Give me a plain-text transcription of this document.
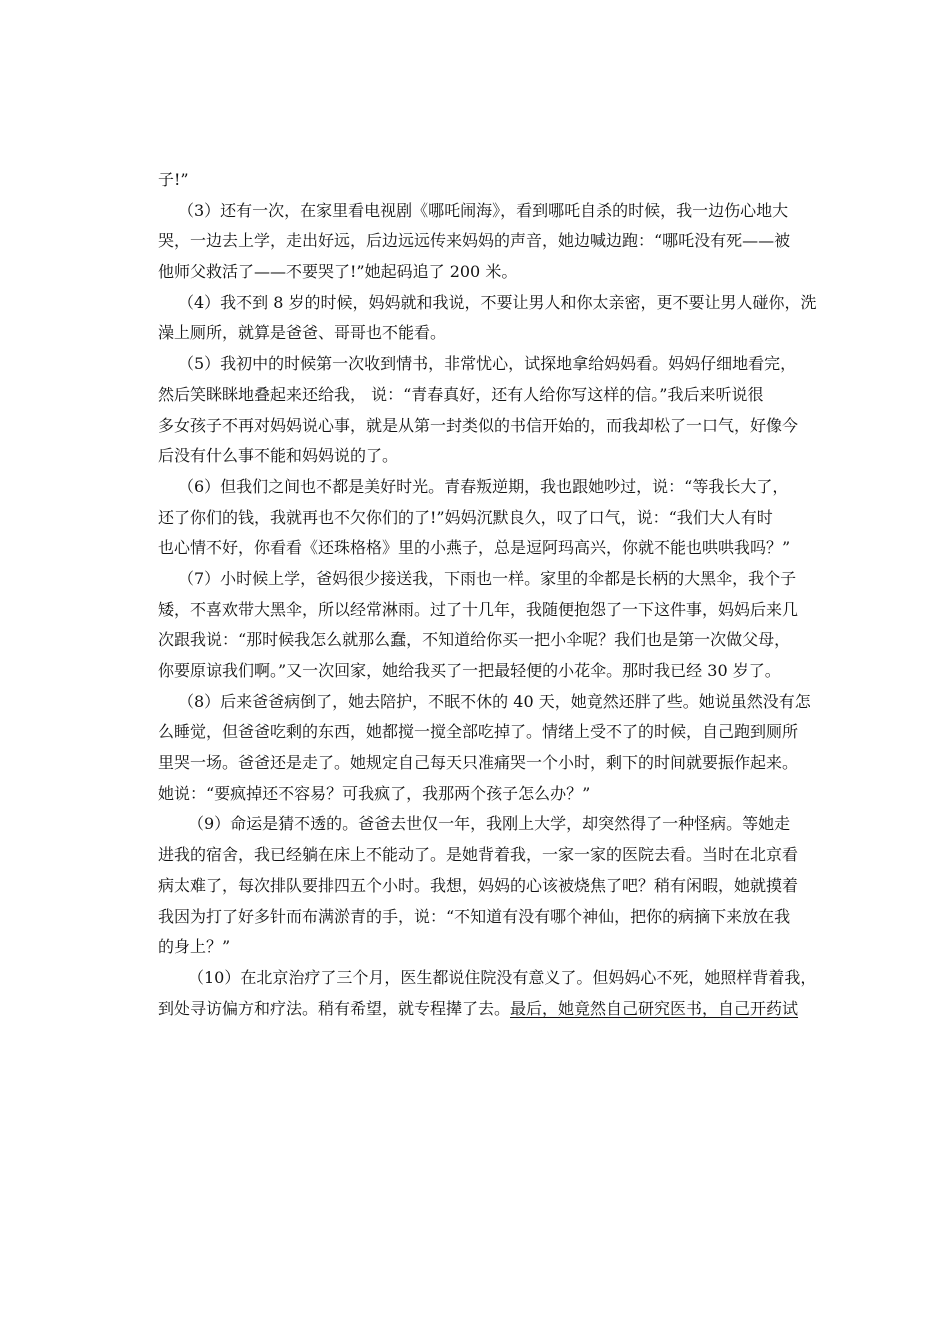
子!”
（3）还有一次，在家里看电视剧《哪吒闹海》，看到哪吒自杀的时候，我一边伤心地大
哭，一边去上学，走出好远，后边远远传来妈妈的声音，她边喊边跑：“哪吒没有死——被
他师父救活了——不要哭了!”她起码追了 200 米。
（4）我不到 8 岁的时候，妈妈就和我说，不要让男人和你太亲密，更不要让男人碰你，洗
澡上厕所，就算是爸爸、哥哥也不能看。
（5）我初中的时候第一次收到情书，非常忧心，试探地拿给妈妈看。妈妈仔细地看完，
然后笑眯眯地叠起来还给我， 说：“青春真好，还有人给你写这样的信。”我后来听说很
多女孩子不再对妈妈说心事，就是从第一封类似的书信开始的，而我却松了一口气，好像今
后没有什么事不能和妈妈说的了。
（6）但我们之间也不都是美好时光。青春叛逆期，我也跟她吵过，说：“等我长大了，
还了你们的钱，我就再也不欠你们的了!”妈妈沉默良久，叹了口气，说：“我们大人有时
也心情不好，你看看《还珠格格》里的小燕子，总是逗阿玛高兴，你就不能也哄哄我吗？”
（7）小时候上学，爸妈很少接送我，下雨也一样。家里的伞都是长柄的大黑伞，我个子
矮，不喜欢带大黑伞，所以经常淋雨。过了十几年，我随便抱怨了一下这件事，妈妈后来几
次跟我说：“那时候我怎么就那么蠢，不知道给你买一把小伞呢？我们也是第一次做父母，
你要原谅我们啊。”又一次回家，她给我买了一把最轻便的小花伞。那时我已经 30 岁了。
（8）后来爸爸病倒了，她去陪护，不眠不休的 40 天，她竟然还胖了些。她说虽然没有怎
么睡觉，但爸爸吃剩的东西，她都搅一搅全部吃掉了。情绪上受不了的时候，自己跑到厕所
里哭一场。爸爸还是走了。她规定自己每天只准痛哭一个小时，剩下的时间就要振作起来。
她说：“要疯掉还不容易？可我疯了，我那两个孩子怎么办？”
（9）命运是猜不透的。爸爸去世仅一年，我刚上大学，却突然得了一种怪病。等她走
进我的宿舍，我已经躺在床上不能动了。是她背着我，一家一家的医院去看。当时在北京看
病太难了，每次排队要排四五个小时。我想，妈妈的心该被烧焦了吧？稍有闲暇，她就摸着
我因为打了好多针而布满淤青的手，说：“不知道有没有哪个神仙，把你的病摘下来放在我
的身上？”
（10）在北京治疗了三个月，医生都说住院没有意义了。但妈妈心不死，她照样背着我，
到处寻访偏方和疗法。稍有希望，就专程撵了去。最后，她竟然自己研究医书，自己开药试
